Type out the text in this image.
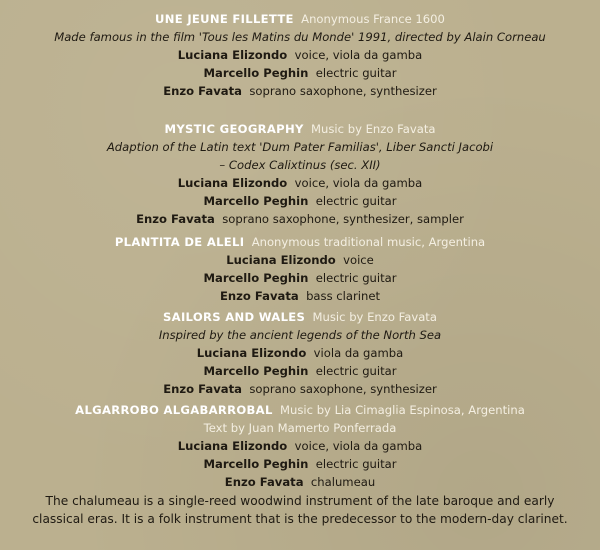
UNE JEUNE FILLETTE Anonymous France 1600
Made famous in the film 'Tous les Matins du Monde' 1991, directed by Alain Corneau
Luciana Elizondo voice, viola da gamba
Marcello Peghin electric guitar
Enzo Favata soprano saxophone, synthesizer
MYSTIC GEOGRAPHY Music by Enzo Favata
Adaption of the Latin text 'Dum Pater Familias', Liber Sancti Jacobi
– Codex Calixtinus (sec. XII)
Luciana Elizondo voice, viola da gamba
Marcello Peghin electric guitar
Enzo Favata soprano saxophone, synthesizer, sampler
PLANTITA DE ALELI Anonymous traditional music, Argentina
Luciana Elizondo voice
Marcello Peghin electric guitar
Enzo Favata bass clarinet
SAILORS AND WALES Music by Enzo Favata
Inspired by the ancient legends of the North Sea
Luciana Elizondo viola da gamba
Marcello Peghin electric guitar
Enzo Favata soprano saxophone, synthesizer
ALGARROBO ALGABARROBAL Music by Lia Cimaglia Espinosa, Argentina
Text by Juan Mamerto Ponferrada
Luciana Elizondo voice, viola da gamba
Marcello Peghin electric guitar
Enzo Favata chalumeau
The chalumeau is a single-reed woodwind instrument of the late baroque and early
classical eras. It is a folk instrument that is the predecessor to the modern-day clarinet.
